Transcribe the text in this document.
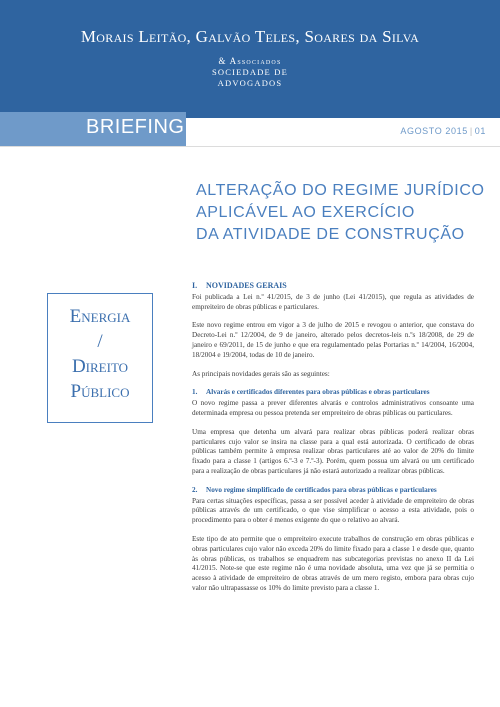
Morais Leitão, Galvão Teles, Soares da Silva
& Associados
SOCIEDADE DE
ADVOGADOS
BRIEFING	AGOSTO 2015 | 01
ALTERAÇÃO DO REGIME JURÍDICO
APLICÁVEL AO EXERCÍCIO
DA ATIVIDADE DE CONSTRUÇÃO
Energia
/
Direito
Público
I. NOVIDADES GERAIS

Foi publicada a Lei n.º 41/2015, de 3 de junho (Lei 41/2015), que regula as atividades de empreiteiro de obras públicas e particulares.

Este novo regime entrou em vigor a 3 de julho de 2015 e revogou o anterior, que constava do Decreto-Lei n.º 12/2004, de 9 de janeiro, alterado pelos decretos-leis n.ºs 18/2008, de 29 de janeiro e 69/2011, de 15 de junho e que era regulamentado pelas Portarias n.º 14/2004, 16/2004, 18/2004 e 19/2004, todas de 10 de janeiro.

As principais novidades gerais são as seguintes:

1. Alvarás e certificados diferentes para obras públicas e obras particulares

O novo regime passa a prever diferentes alvarás e controlos administrativos consoante uma determinada empresa ou pessoa pretenda ser empreiteiro de obras públicas ou particulares.

Uma empresa que detenha um alvará para realizar obras públicas poderá realizar obras particulares cujo valor se insira na classe para a qual está autorizada. O certificado de obras públicas também permite à empresa realizar obras particulares até ao valor de 20% do limite fixado para a classe 1 (artigos 6.º-3 e 7.º-3). Porém, quem possua um alvará ou um certificado para a realização de obras particulares já não estará autorizado a realizar obras públicas.

2. Novo regime simplificado de certificados para obras públicas e particulares

Para certas situações específicas, passa a ser possível aceder à atividade de empreiteiro de obras públicas através de um certificado, o que vise simplificar o acesso a esta atividade, pois o procedimento para o obter é menos exigente do que o relativo ao alvará.

Este tipo de ato permite que o empreiteiro execute trabalhos de construção em obras públicas e obras particulares cujo valor não exceda 20% do limite fixado para a classe 1 e desde que, quanto às obras públicas, os trabalhos se enquadrem nas subcategorias previstas no anexo II da Lei 41/2015. Note-se que este regime não é uma novidade absoluta, uma vez que já se permitia o acesso à atividade de empreiteiro de obras através de um mero registo, embora para obras cujo valor não ultrapassasse os 10% do limite previsto para a classe 1.
